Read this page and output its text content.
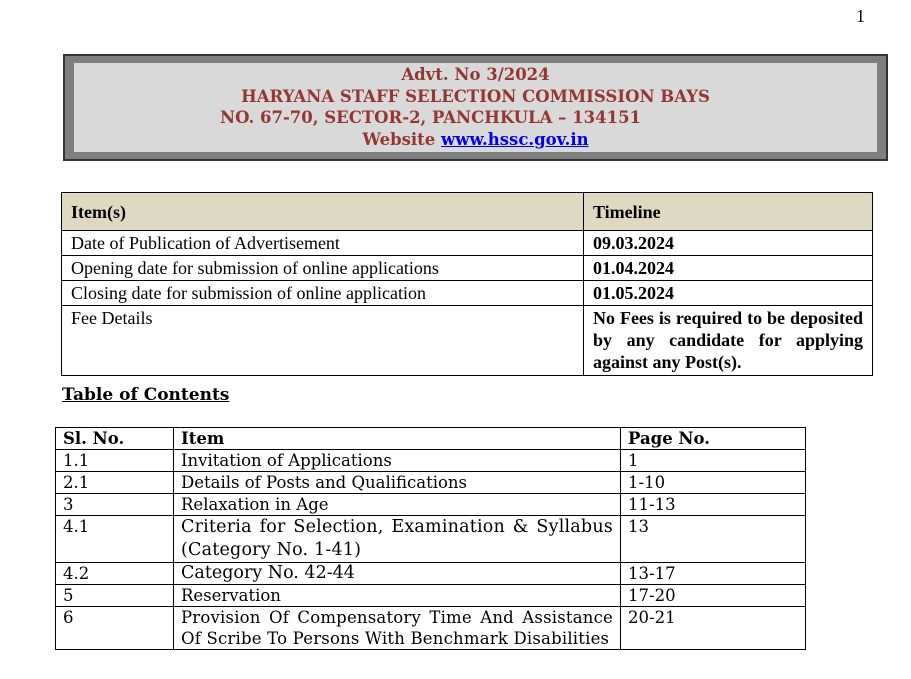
1
Advt. No 3/2024
HARYANA STAFF SELECTION COMMISSION BAYS
NO. 67-70, SECTOR-2, PANCHKULA – 134151
Website www.hssc.gov.in
Item(s)	Timeline
Date of Publication of Advertisement	09.03.2024
Opening date for submission of online applications	01.04.2024
Closing date for submission of online application	01.05.2024
Fee Details	No Fees is required to be deposited by any candidate for applying against any Post(s).
Table of Contents
Sl. No.	Item	Page No.
1.1	Invitation of Applications	1
2.1	Details of Posts and Qualifications	1-10
3	Relaxation in Age	11-13
4.1	Criteria for Selection, Examination & Syllabus (Category No. 1-41)	13
4.2	Category No. 42-44	13-17
5	Reservation	17-20
6	Provision Of Compensatory Time And Assistance Of Scribe To Persons With Benchmark Disabilities	20-21
